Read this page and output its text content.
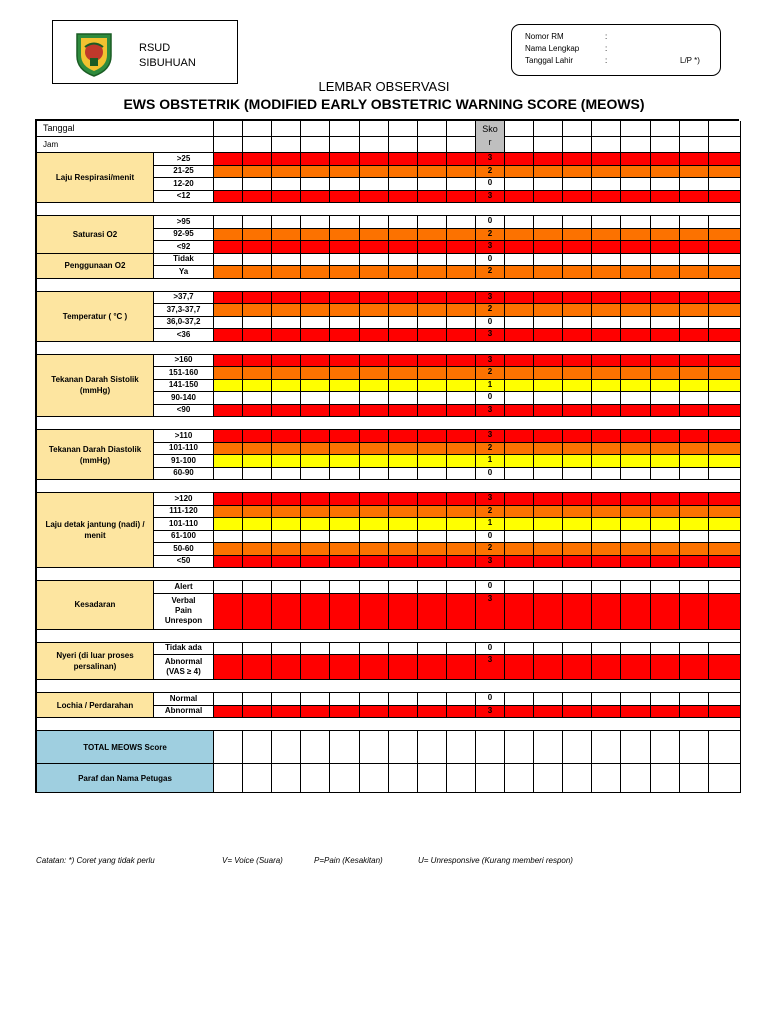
RSUD
SIBUHUAN
Nomor RM	:
Nama Lengkap	:
Tanggal Lahir	:	L/P *)
LEMBAR OBSERVASI
EWS OBSTETRIK (MODIFIED EARLY OBSTETRIC WARNING SCORE (MEOWS)
Tanggal
Jam
Sko
r
Laju Respirasi/menit
>25	3
21-25	2
12-20	0
<12	3
Saturasi O2
>95	0
92-95	2
<92	3
Penggunaan O2
Tidak	0
Ya	2
Temperatur ( °C )
>37,7	3
37,3-37,7	2
36,0-37,2	0
<36	3
Tekanan Darah Sistolik (mmHg)
>160	3
151-160	2
141-150	1
90-140	0
<90	3
Tekanan Darah Diastolik (mmHg)
>110	3
101-110	2
91-100	1
60-90	0
Laju detak jantung (nadi) / menit
>120	3
111-120	2
101-110	1
61-100	0
50-60	2
<50	3
Kesadaran
Alert	0
Verbal
Pain
Unrespon
3
Nyeri (di luar proses persalinan)
Tidak ada	0
Abnormal
(VAS ≥ 4)
3
Lochia / Perdarahan
Normal	0
Abnormal	3
TOTAL MEOWS Score
Paraf dan Nama Petugas
Catatan: *) Coret yang tidak perlu	V= Voice (Suara)	P=Pain (Kesakitan)	U= Unresponsive (Kurang memberi respon)
